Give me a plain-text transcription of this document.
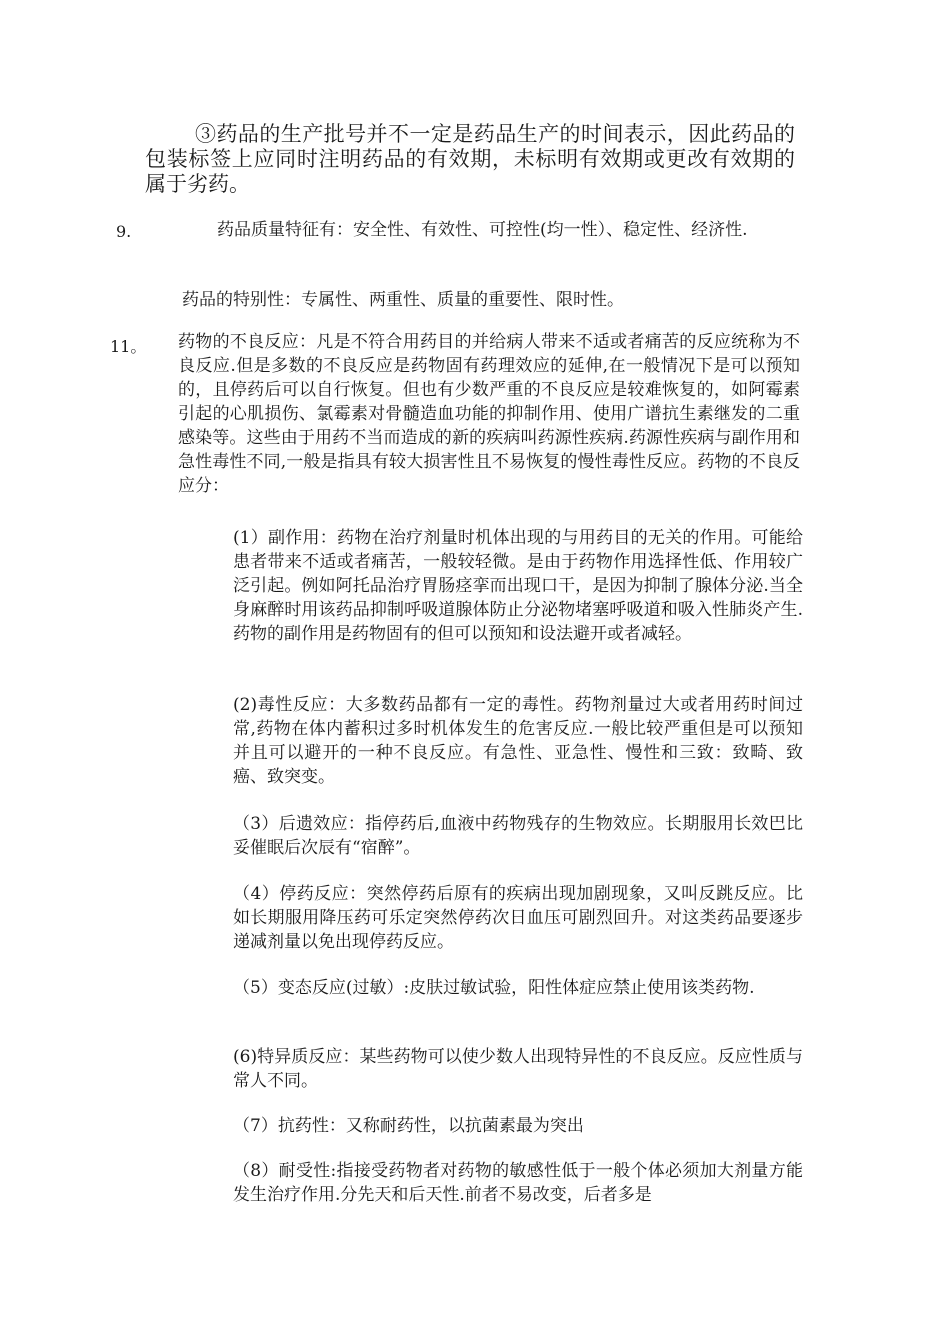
③药品的生产批号并不一定是药品生产的时间表示，因此药品的包装标签上应同时注明药品的有效期，未标明有效期或更改有效期的属于劣药。

9.	药品质量特征有：安全性、有效性、可控性(均一性）、稳定性、经济性.

药品的特别性：专属性、两重性、质量的重要性、限时性。

11。 药物的不良反应：凡是不符合用药目的并给病人带来不适或者痛苦的反应统称为不良反应.但是多数的不良反应是药物固有药理效应的延伸,在一般情况下是可以预知的，且停药后可以自行恢复。但也有少数严重的不良反应是较难恢复的，如阿霉素引起的心肌损伤、氯霉素对骨髓造血功能的抑制作用、使用广谱抗生素继发的二重感染等。这些由于用药不当而造成的新的疾病叫药源性疾病.药源性疾病与副作用和急性毒性不同,一般是指具有较大损害性且不易恢复的慢性毒性反应。药物的不良反应分：

(1）副作用：药物在治疗剂量时机体出现的与用药目的无关的作用。可能给患者带来不适或者痛苦，一般较轻微。是由于药物作用选择性低、作用较广泛引起。例如阿托品治疗胃肠痉挛而出现口干，是因为抑制了腺体分泌.当全身麻醉时用该药品抑制呼吸道腺体防止分泌物堵塞呼吸道和吸入性肺炎产生.药物的副作用是药物固有的但可以预知和设法避开或者减轻。

(2)毒性反应：大多数药品都有一定的毒性。药物剂量过大或者用药时间过常,药物在体内蓄积过多时机体发生的危害反应.一般比较严重但是可以预知并且可以避开的一种不良反应。有急性、亚急性、慢性和三致：致畸、致癌、致突变。

（3）后遗效应：指停药后,血液中药物残存的生物效应。长期服用长效巴比妥催眠后次辰有“宿醉”。

（4）停药反应：突然停药后原有的疾病出现加剧现象，又叫反跳反应。比如长期服用降压药可乐定突然停药次日血压可剧烈回升。对这类药品要逐步递减剂量以免出现停药反应。

（5）变态反应(过敏）:皮肤过敏试验，阳性体症应禁止使用该类药物.

(6)特异质反应：某些药物可以使少数人出现特异性的不良反应。反应性质与常人不同。

（7）抗药性：又称耐药性，以抗菌素最为突出

（8）耐受性:指接受药物者对药物的敏感性低于一般个体必须加大剂量方能发生治疗作用.分先天和后天性.前者不易改变，后者多是
